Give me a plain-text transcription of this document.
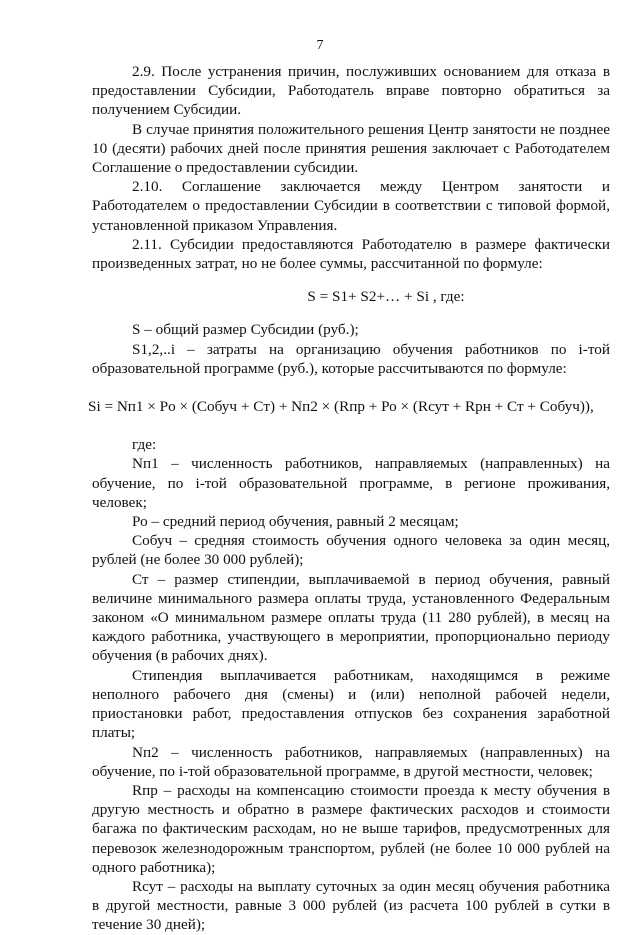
7

2.9. После устранения причин, послуживших основанием для отказа в предоставлении Субсидии, Работодатель вправе повторно обратиться за получением Субсидии.

В случае принятия положительного решения Центр занятости не позднее 10 (десяти) рабочих дней после принятия решения заключает с Работодателем Соглашение о предоставлении субсидии.

2.10. Соглашение заключается между Центром занятости и Работодателем о предоставлении Субсидии в соответствии с типовой формой, установленной приказом Управления.

2.11. Субсидии предоставляются Работодателю в размере фактически произведенных затрат, но не более суммы, рассчитанной по формуле:

S = S1+ S2+… + Si , где:

S – общий размер Субсидии (руб.);

S1,2,..i – затраты на организацию обучения работников по i-той образовательной программе (руб.), которые рассчитываются по формуле:

Si = Nп1 × Po × (Cобуч + Cт) + Nп2 × (Rпр + Ро × (Rсут + Rрн + Ст + Собуч)),

где:

Nп1 – численность работников, направляемых (направленных) на обучение, по i-той образовательной программе, в регионе проживания, человек;

Ро – средний период обучения, равный 2 месяцам;

Собуч – средняя стоимость обучения одного человека за один месяц, рублей (не более 30 000 рублей);

Ст – размер стипендии, выплачиваемой в период обучения, равный величине минимального размера оплаты труда, установленного Федеральным законом «О минимальном размере оплаты труда (11 280 рублей), в месяц на каждого работника, участвующего в мероприятии, пропорционально периоду обучения (в рабочих днях).

Стипендия выплачивается работникам, находящимся в режиме неполного рабочего дня (смены) и (или) неполной рабочей недели, приостановки работ, предоставления отпусков без сохранения заработной платы;

Nп2 – численность работников, направляемых (направленных) на обучение, по i-той образовательной программе, в другой местности, человек;

Rпр – расходы на компенсацию стоимости проезда к месту обучения в другую местность и обратно в размере фактических расходов и стоимости багажа по фактическим расходам, но не выше тарифов, предусмотренных для перевозок железнодорожным транспортом, рублей (не более 10 000 рублей на одного работника);

Rсут – расходы на выплату суточных за один месяц обучения работника в другой местности, равные 3 000 рублей (из расчета 100 рублей в сутки в течение 30 дней);
